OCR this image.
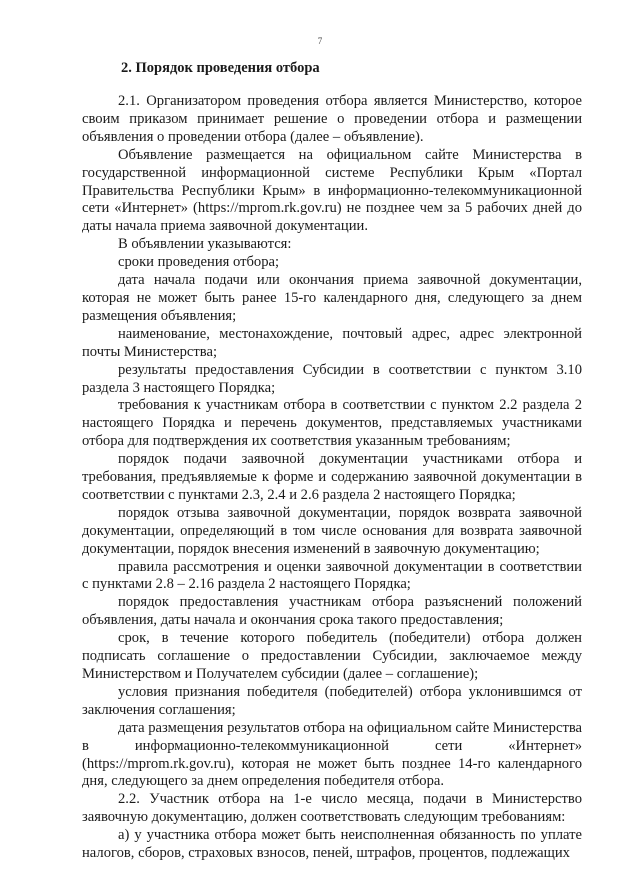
7
2. Порядок проведения отбора

2.1. Организатором проведения отбора является Министерство, которое своим приказом принимает решение о проведении отбора и размещении объявления о проведении отбора (далее – объявление).

Объявление размещается на официальном сайте Министерства в государственной информационной системе Республики Крым «Портал Правительства Республики Крым» в информационно-телекоммуникационной сети «Интернет» (https://mprom.rk.gov.ru) не позднее чем за 5 рабочих дней до даты начала приема заявочной документации.

В объявлении указываются:

сроки проведения отбора;

дата начала подачи или окончания приема заявочной документации, которая не может быть ранее 15-го календарного дня, следующего за днем размещения объявления;

наименование, местонахождение, почтовый адрес, адрес электронной почты Министерства;

результаты предоставления Субсидии в соответствии с пунктом 3.10 раздела 3 настоящего Порядка;

требования к участникам отбора в соответствии с пунктом 2.2 раздела 2 настоящего Порядка и перечень документов, представляемых участниками отбора для подтверждения их соответствия указанным требованиям;

порядок подачи заявочной документации участниками отбора и требования, предъявляемые к форме и содержанию заявочной документации в соответствии с пунктами 2.3, 2.4 и 2.6 раздела 2 настоящего Порядка;

порядок отзыва заявочной документации, порядок возврата заявочной документации, определяющий в том числе основания для возврата заявочной документации, порядок внесения изменений в заявочную документацию;

правила рассмотрения и оценки заявочной документации в соответствии с пунктами 2.8 – 2.16 раздела 2 настоящего Порядка;

порядок предоставления участникам отбора разъяснений положений объявления, даты начала и окончания срока такого предоставления;

срок, в течение которого победитель (победители) отбора должен подписать соглашение о предоставлении Субсидии, заключаемое между Министерством и Получателем субсидии (далее – соглашение);

условия признания победителя (победителей) отбора уклонившимся от заключения соглашения;

дата размещения результатов отбора на официальном сайте Министерства в информационно-телекоммуникационной сети «Интернет» (https://mprom.rk.gov.ru), которая не может быть позднее 14-го календарного дня, следующего за днем определения победителя отбора.

2.2. Участник отбора на 1-е число месяца, подачи в Министерство заявочную документацию, должен соответствовать следующим требованиям:

а) у участника отбора может быть неисполненная обязанность по уплате налогов, сборов, страховых взносов, пеней, штрафов, процентов, подлежащих
